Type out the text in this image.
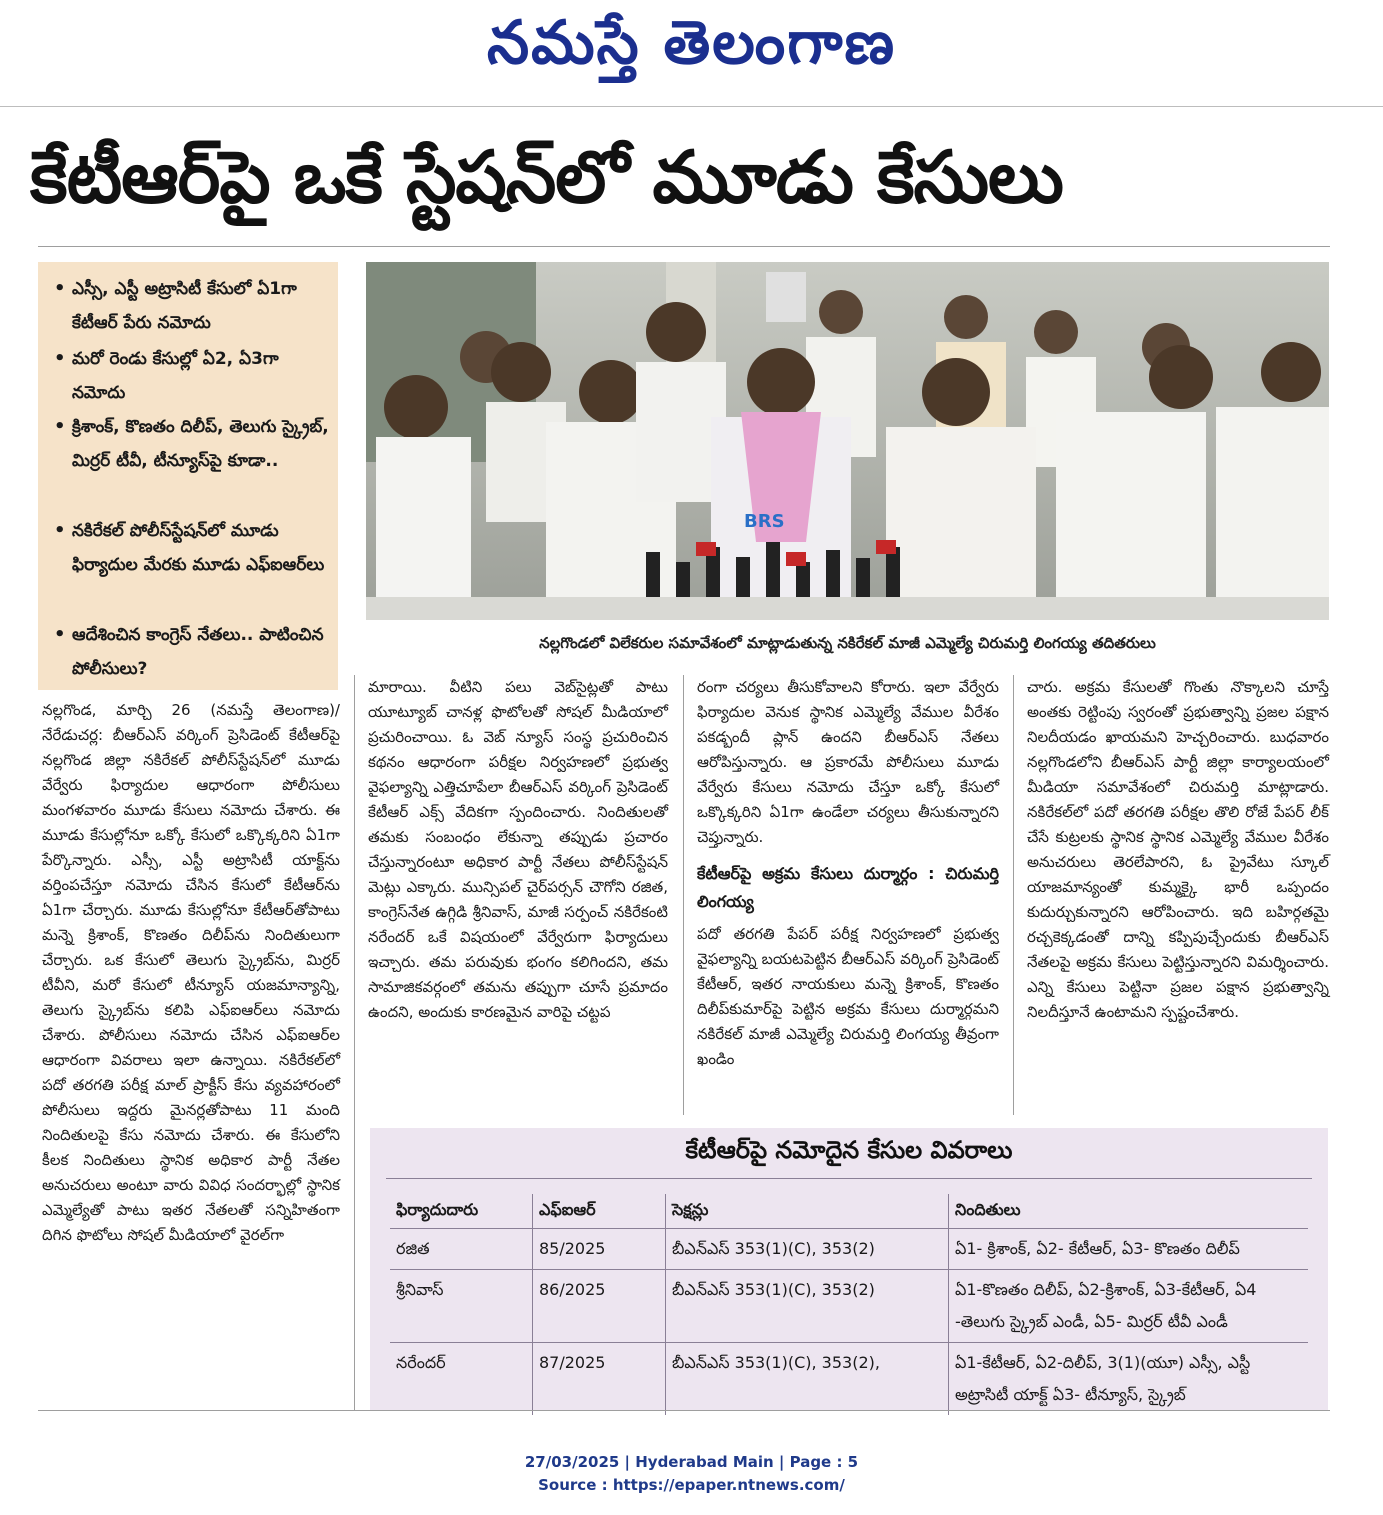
నమస్తే తెలంగాణ
కేటీఆర్‌పై ఒకే స్టేషన్‌లో మూడు కేసులు
• ఎస్సీ, ఎస్టీ అట్రాసిటీ కేసులో ఏ1గా కేటీఆర్ పేరు నమోదు
• మరో రెండు కేసుల్లో ఏ2, ఏ3గా నమోదు
• క్రిశాంక్, కొణతం దిలీప్, తెలుగు స్క్రైబ్, మిర్రర్ టీవీ, టీన్యూస్‌పై కూడా..
• నకిరేకల్ పోలీస్‌స్టేషన్‌లో మూడు ఫిర్యాదుల మేరకు మూడు ఎఫ్ఐఆర్‌లు
• ఆదేశించిన కాంగ్రెస్ నేతలు.. పాటించిన పోలీసులు?
BRS
నల్లగొండలో విలేకరుల సమావేశంలో మాట్లాడుతున్న నకిరేకల్ మాజీ ఎమ్మెల్యే చిరుమర్తి లింగయ్య తదితరులు

నల్లగొండ, మార్చి 26 (నమస్తే తెలంగాణ)/నేరేడుచర్ల: బీఆర్ఎస్ వర్కింగ్ ప్రెసిడెంట్ కేటీఆర్‌పై నల్లగొండ జిల్లా నకిరేకల్ పోలీస్‌స్టేషన్‌లో మూడు వేర్వేరు ఫిర్యాదుల ఆధారంగా పోలీసులు మంగళవారం మూడు కేసులు నమోదు చేశారు. ఈ మూడు కేసుల్లోనూ ఒక్కో కేసులో ఒక్కొక్కరిని ఏ1గా పేర్కొన్నారు. ఎస్సీ, ఎస్టీ అట్రాసిటీ యాక్ట్‌ను వర్తింపచేస్తూ నమోదు చేసిన కేసులో కేటీఆర్‌ను ఏ1గా చేర్చారు. మూడు కేసుల్లోనూ కేటీఆర్‌తోపాటు మన్నె క్రిశాంక్, కొణతం దిలీప్‌ను నిందితులుగా చేర్చారు. ఒక కేసులో తెలుగు స్క్రైబ్‌ను, మిర్రర్ టీవీని, మరో కేసులో టీన్యూస్ యజమాన్యాన్ని, తెలుగు స్క్రైబ్‌ను కలిపి ఎఫ్ఐఆర్‌లు నమోదు చేశారు. పోలీసులు నమోదు చేసిన ఎఫ్ఐఆర్‌ల ఆధారంగా వివరాలు ఇలా ఉన్నాయి. నకిరేకల్‌లో పదో తరగతి పరీక్ష మాల్ ప్రాక్టీస్ కేసు వ్యవహారంలో పోలీసులు ఇద్దరు మైనర్లతోపాటు 11 మంది నిందితులపై కేసు నమోదు చేశారు. ఈ కేసులోని కీలక నిందితులు స్థానిక అధికార పార్టీ నేతల అనుచరులు అంటూ వారు వివిధ సందర్భాల్లో స్థానిక ఎమ్మెల్యేతో పాటు ఇతర నేతలతో సన్నిహితంగా దిగిన ఫొటోలు సోషల్ మీడియాలో వైరల్‌గా

మారాయి. వీటిని పలు వెబ్‌సైట్లతో పాటు యూట్యూబ్ చానళ్ల ఫొటోలతో సోషల్ మీడియాలో ప్రచురించాయి. ఓ వెబ్ న్యూస్ సంస్థ ప్రచురించిన కథనం ఆధారంగా పరీక్షల నిర్వహణలో ప్రభుత్వ వైఫల్యాన్ని ఎత్తిచూపేలా బీఆర్ఎస్ వర్కింగ్ ప్రెసిడెంట్ కేటీఆర్ ఎక్స్ వేదికగా స్పందించారు. నిందితులతో తమకు సంబంధం లేకున్నా తప్పుడు ప్రచారం చేస్తున్నారంటూ అధికార పార్టీ నేతలు పోలీస్‌స్టేషన్ మెట్లు ఎక్కారు. మున్సిపల్ చైర్‌పర్సన్ చౌగోని రజిత, కాంగ్రెస్‌నేత ఉగ్గిడి శ్రీనివాస్, మాజీ సర్పంచ్ నకిరేకంటి నరేందర్ ఒకే విషయంలో వేర్వేరుగా ఫిర్యాదులు ఇచ్చారు. తమ పరువుకు భంగం కలిగిందని, తమ సామాజికవర్గంలో తమను తప్పుగా చూసే ప్రమాదం ఉందని, అందుకు కారణమైన వారిపై చట్టప

రంగా చర్యలు తీసుకోవాలని కోరారు. ఇలా వేర్వేరు ఫిర్యాదుల వెనుక స్థానిక ఎమ్మెల్యే వేముల వీరేశం పకడ్బందీ ప్లాన్ ఉందని బీఆర్ఎస్ నేతలు ఆరోపిస్తున్నారు. ఆ ప్రకారమే పోలీసులు మూడు వేర్వేరు కేసులు నమోదు చేస్తూ ఒక్కో కేసులో ఒక్కొక్కరిని ఏ1గా ఉండేలా చర్యలు తీసుకున్నారని చెప్తున్నారు.

కేటీఆర్‌పై అక్రమ కేసులు దుర్మార్గం : చిరుమర్తి లింగయ్య

పదో తరగతి పేపర్ పరీక్ష నిర్వహణలో ప్రభుత్వ వైఫల్యాన్ని బయటపెట్టిన బీఆర్ఎస్ వర్కింగ్ ప్రెసిడెంట్ కేటీఆర్, ఇతర నాయకులు మన్నె క్రిశాంక్, కొణతం దిలీప్‌కుమార్‌పై పెట్టిన అక్రమ కేసులు దుర్మార్గమని నకిరేకల్ మాజీ ఎమ్మెల్యే చిరుమర్తి లింగయ్య తీవ్రంగా ఖండిం

చారు. అక్రమ కేసులతో గొంతు నొక్కాలని చూస్తే అంతకు రెట్టింపు స్వరంతో ప్రభుత్వాన్ని ప్రజల పక్షాన నిలదీయడం ఖాయమని హెచ్చరించారు. బుధవారం నల్లగొండలోని బీఆర్ఎస్ పార్టీ జిల్లా కార్యాలయంలో మీడియా సమావేశంలో చిరుమర్తి మాట్లాడారు. నకిరేకల్‌లో పదో తరగతి పరీక్షల తొలి రోజే పేపర్ లీక్ చేసే కుట్రలకు స్థానిక స్థానిక ఎమ్మెల్యే వేముల వీరేశం అనుచరులు తెరలేపారని, ఓ ప్రైవేటు స్కూల్ యాజమాన్యంతో కుమ్మక్కై భారీ ఒప్పందం కుదుర్చుకున్నారని ఆరోపించారు. ఇది బహిర్గతమై రచ్చకెక్కడంతో దాన్ని కప్పిపుచ్చేందుకు బీఆర్ఎస్ నేతలపై అక్రమ కేసులు పెట్టిస్తున్నారని విమర్శించారు. ఎన్ని కేసులు పెట్టినా ప్రజల పక్షాన ప్రభుత్వాన్ని నిలదీస్తూనే ఉంటామని స్పష్టంచేశారు.

కేటీఆర్‌పై నమోదైన కేసుల వివరాలు
ఫిర్యాదుదారు	ఎఫ్ఐఆర్	సెక్షన్లు	నిందితులు
రజిత	85/2025	బీఎన్ఎస్ 353(1)(C), 353(2)	ఏ1- క్రిశాంక్, ఏ2- కేటీఆర్, ఏ3- కొణతం దిలీప్
శ్రీనివాస్	86/2025	బీఎన్ఎస్ 353(1)(C), 353(2)	ఏ1-కొణతం దిలీప్, ఏ2-క్రిశాంక్, ఏ3-కేటీఆర్, ఏ4 -తెలుగు స్క్రైబ్ ఎండీ, ఏ5- మిర్రర్ టీవీ ఎండీ
నరేందర్	87/2025	బీఎన్ఎస్ 353(1)(C), 353(2),	ఏ1-కేటీఆర్, ఏ2-దిలీప్, 3(1)(యూ) ఎస్సీ, ఎస్టీ అట్రాసిటీ యాక్ట్ ఏ3- టీన్యూస్, స్క్రైబ్
27/03/2025 | Hyderabad Main | Page : 5
Source : https://epaper.ntnews.com/
